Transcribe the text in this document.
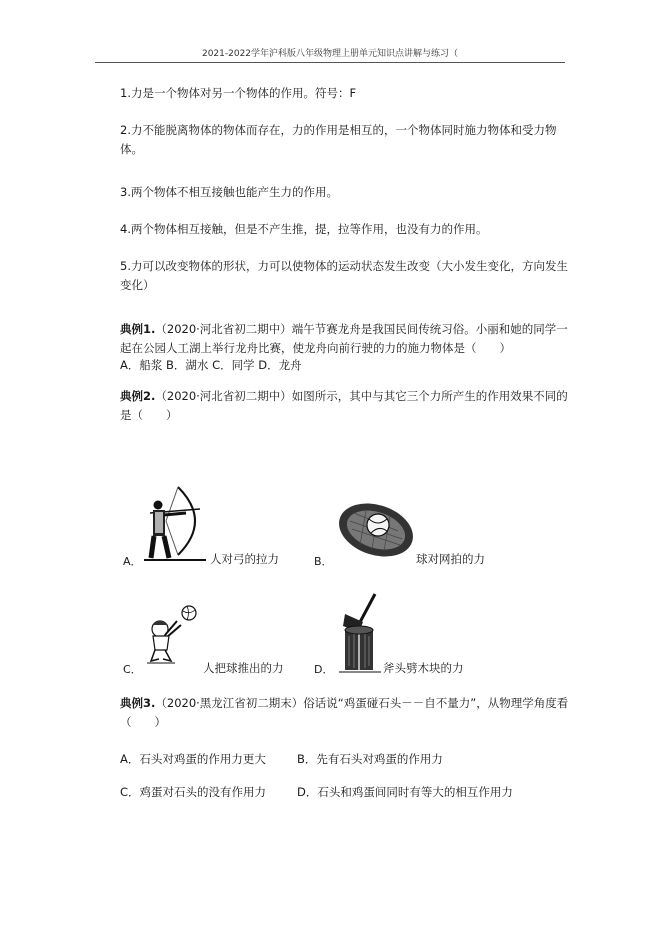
2021-2022学年沪科版八年级物理上册单元知识点讲解与练习（
1.力是一个物体对另一个物体的作用。符号：F
2.力不能脱离物体的物体而存在，力的作用是相互的，一个物体同时施力物体和受力物体。
3.两个物体不相互接触也能产生力的作用。
4.两个物体相互接触，但是不产生推，提，拉等作用，也没有力的作用。
5.力可以改变物体的形状，力可以使物体的运动状态发生改变（大小发生变化，方向发生变化）
典例1.（2020·河北省初二期中）端午节赛龙舟是我国民间传统习俗。小丽和她的同学一起在公园人工湖上举行龙舟比赛，使龙舟向前行驶的力的施力物体是（　　）
A．船浆 B．湖水 C．同学 D．龙舟
典例2.（2020·河北省初二期中）如图所示，其中与其它三个力所产生的作用效果不同的是（　　）
A．	人对弓的拉力	B．	球对网拍的力
C．	人把球推出的力	D．	斧头劈木块的力
典例3.（2020·黑龙江省初二期末）俗话说“鸡蛋碰石头－－自不量力”，从物理学角度看（　　）
A．石头对鸡蛋的作用力更大	B．先有石头对鸡蛋的作用力
C．鸡蛋对石头的没有作用力	D．石头和鸡蛋间同时有等大的相互作用力
